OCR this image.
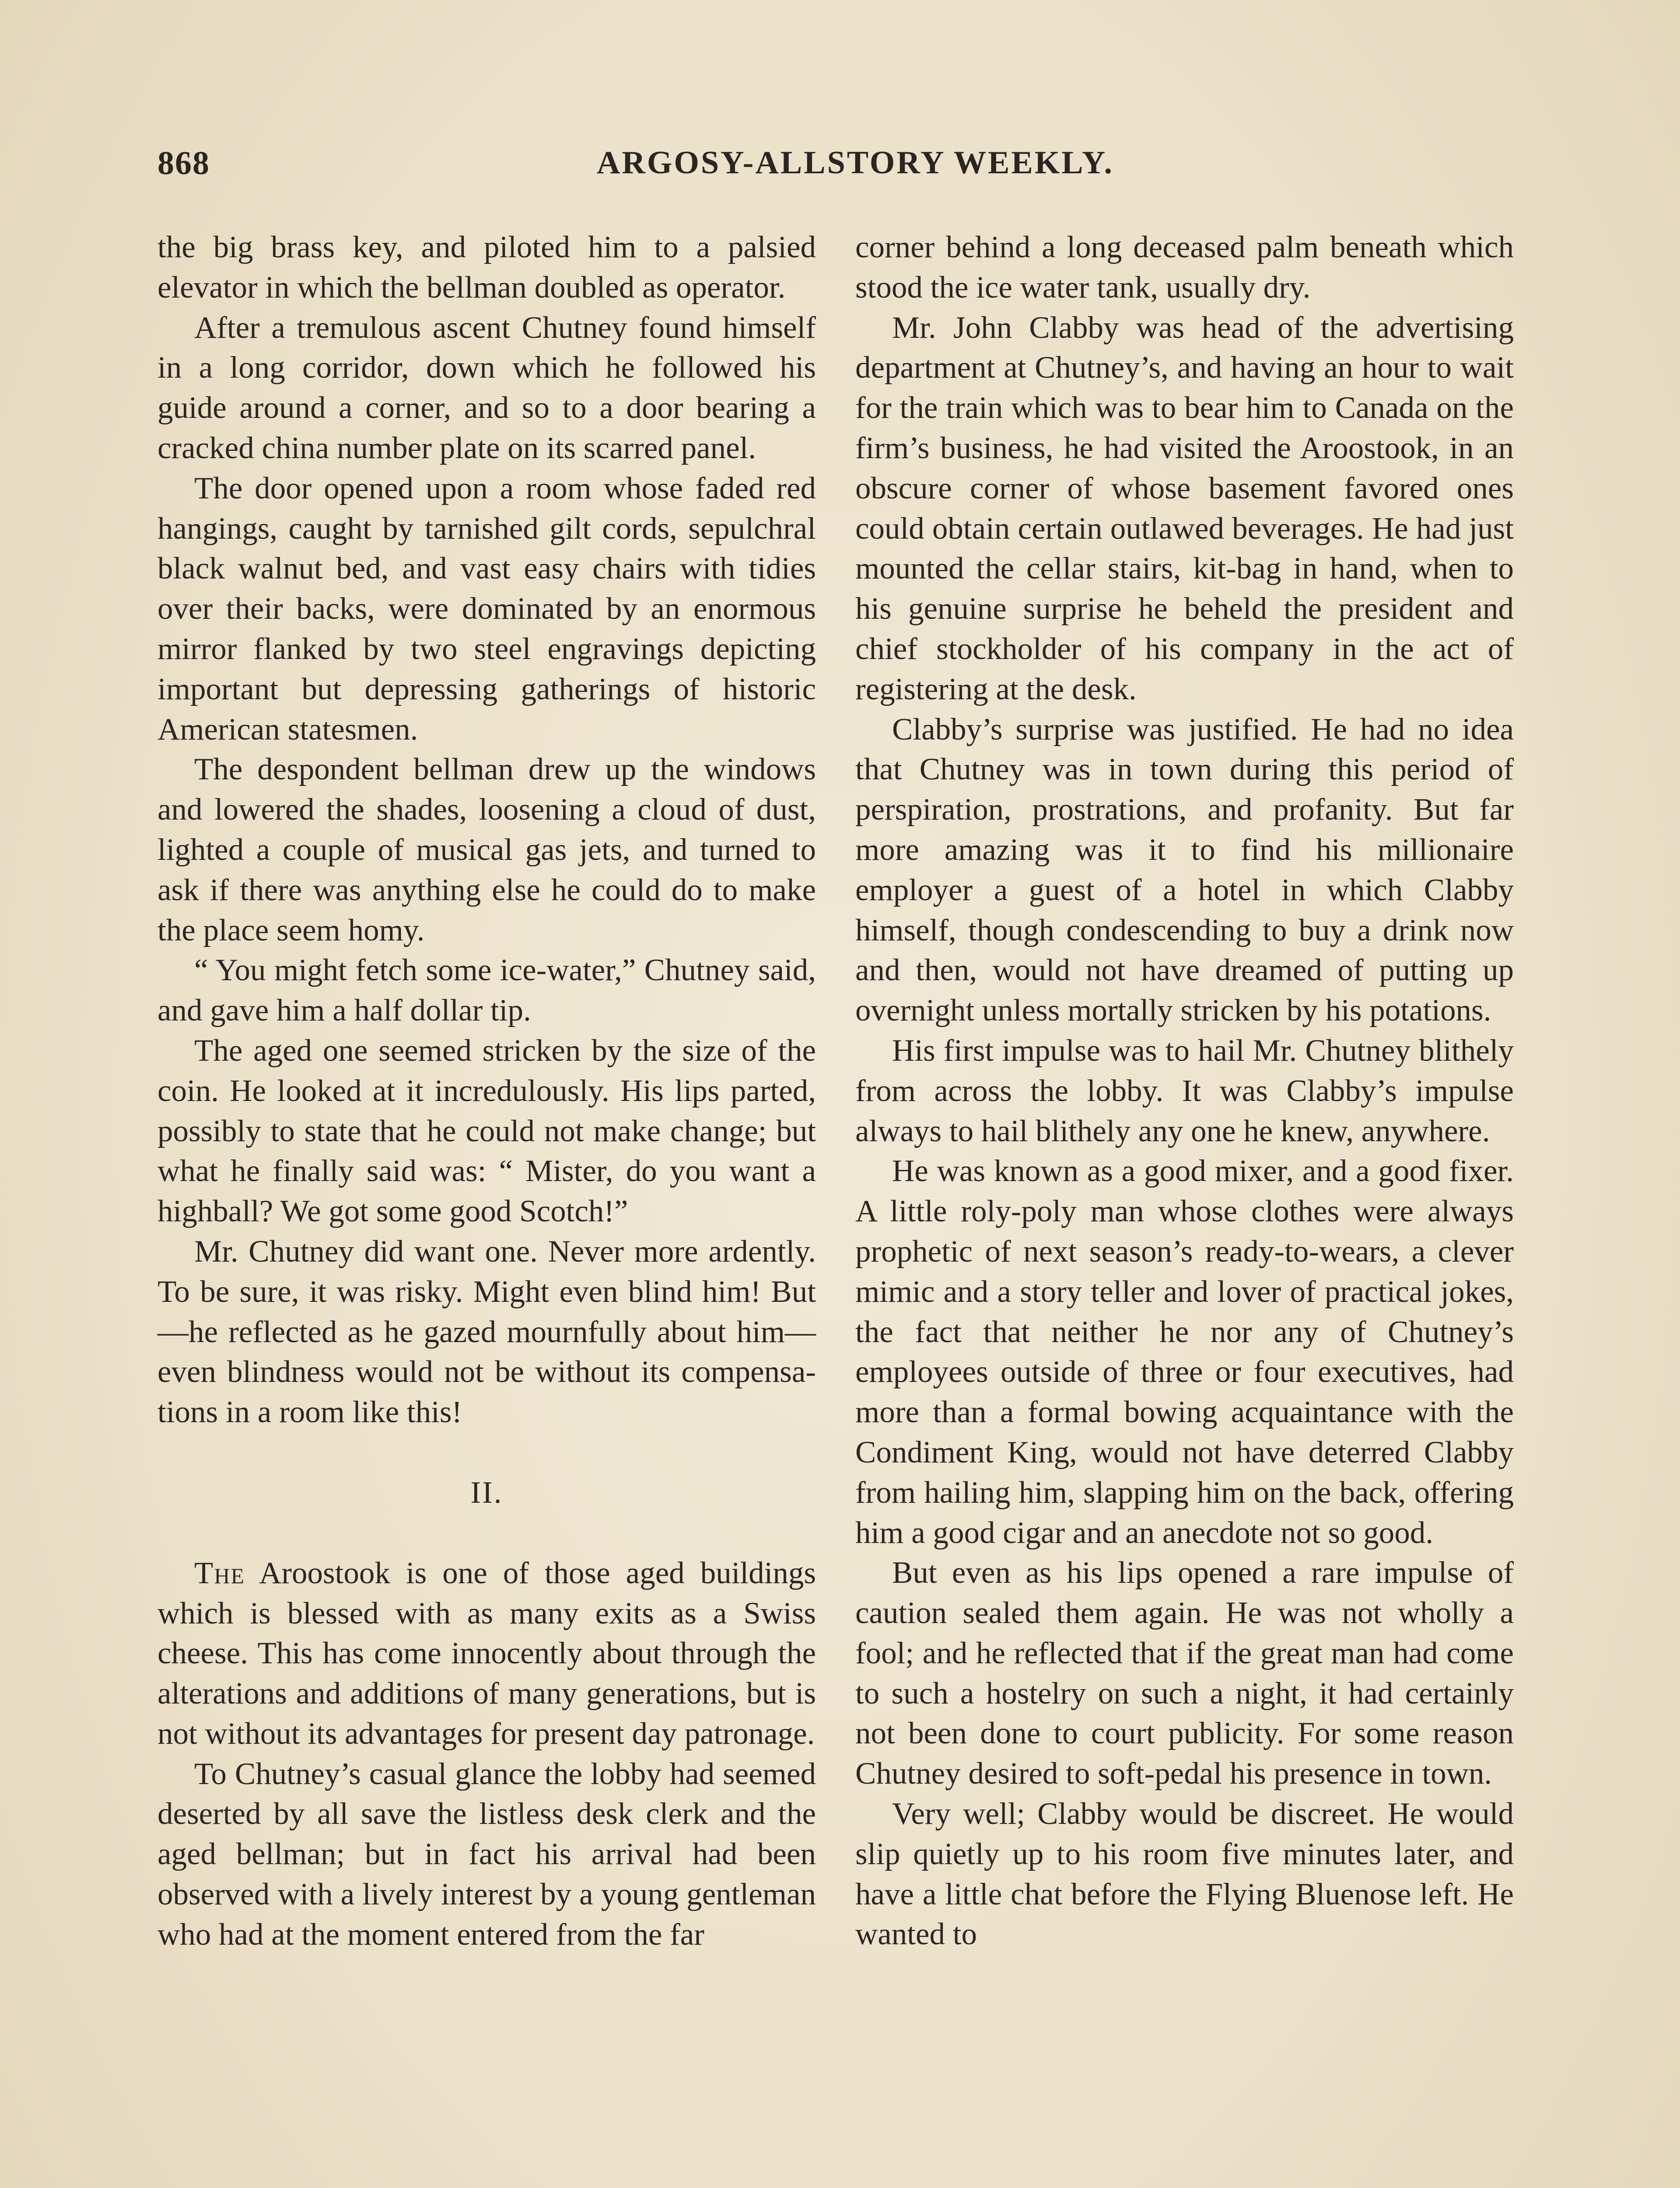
868	ARGOSY-ALLSTORY WEEKLY.

the big brass key, and piloted him to a palsied elevator in which the bellman doubled as operator.

After a tremulous ascent Chutney found himself in a long corridor, down which he followed his guide around a corner, and so to a door bearing a cracked china number plate on its scarred panel.

The door opened upon a room whose faded red hangings, caught by tarnished gilt cords, sepulchral black walnut bed, and vast easy chairs with tidies over their backs, were dominated by an enormous mirror flanked by two steel engravings depicting important but depressing gatherings of historic American statesmen.

The despondent bellman drew up the windows and lowered the shades, loosening a cloud of dust, lighted a couple of musical gas jets, and turned to ask if there was anything else he could do to make the place seem homy.

“ You might fetch some ice-water,” Chutney said, and gave him a half dollar tip.

The aged one seemed stricken by the size of the coin. He looked at it incredulously. His lips parted, possibly to state that he could not make change; but what he finally said was: “ Mister, do you want a highball? We got some good Scotch!”

Mr. Chutney did want one. Never more ardently. To be sure, it was risky. Might even blind him! But—he reflected as he gazed mournfully about him—even blindness would not be without its compensations in a room like this!

II.

The Aroostook is one of those aged buildings which is blessed with as many exits as a Swiss cheese. This has come innocently about through the alterations and additions of many generations, but is not without its advantages for present day patronage.

To Chutney’s casual glance the lobby had seemed deserted by all save the listless desk clerk and the aged bellman; but in fact his arrival had been observed with a lively interest by a young gentleman who had at the moment entered from the far

corner behind a long deceased palm beneath which stood the ice water tank, usually dry.

Mr. John Clabby was head of the advertising department at Chutney’s, and having an hour to wait for the train which was to bear him to Canada on the firm’s business, he had visited the Aroostook, in an obscure corner of whose basement favored ones could obtain certain outlawed beverages. He had just mounted the cellar stairs, kit-bag in hand, when to his genuine surprise he beheld the president and chief stockholder of his company in the act of registering at the desk.

Clabby’s surprise was justified. He had no idea that Chutney was in town during this period of perspiration, prostrations, and profanity. But far more amazing was it to find his millionaire employer a guest of a hotel in which Clabby himself, though condescending to buy a drink now and then, would not have dreamed of putting up overnight unless mortally stricken by his potations.

His first impulse was to hail Mr. Chutney blithely from across the lobby. It was Clabby’s impulse always to hail blithely any one he knew, anywhere.

He was known as a good mixer, and a good fixer. A little roly-poly man whose clothes were always prophetic of next season’s ready-to-wears, a clever mimic and a story teller and lover of practical jokes, the fact that neither he nor any of Chutney’s employees outside of three or four executives, had more than a formal bowing acquaintance with the Condiment King, would not have deterred Clabby from hailing him, slapping him on the back, offering him a good cigar and an anecdote not so good.

But even as his lips opened a rare impulse of caution sealed them again. He was not wholly a fool; and he reflected that if the great man had come to such a hostelry on such a night, it had certainly not been done to court publicity. For some reason Chutney desired to soft-pedal his presence in town.

Very well; Clabby would be discreet. He would slip quietly up to his room five minutes later, and have a little chat before the Flying Bluenose left. He wanted to
